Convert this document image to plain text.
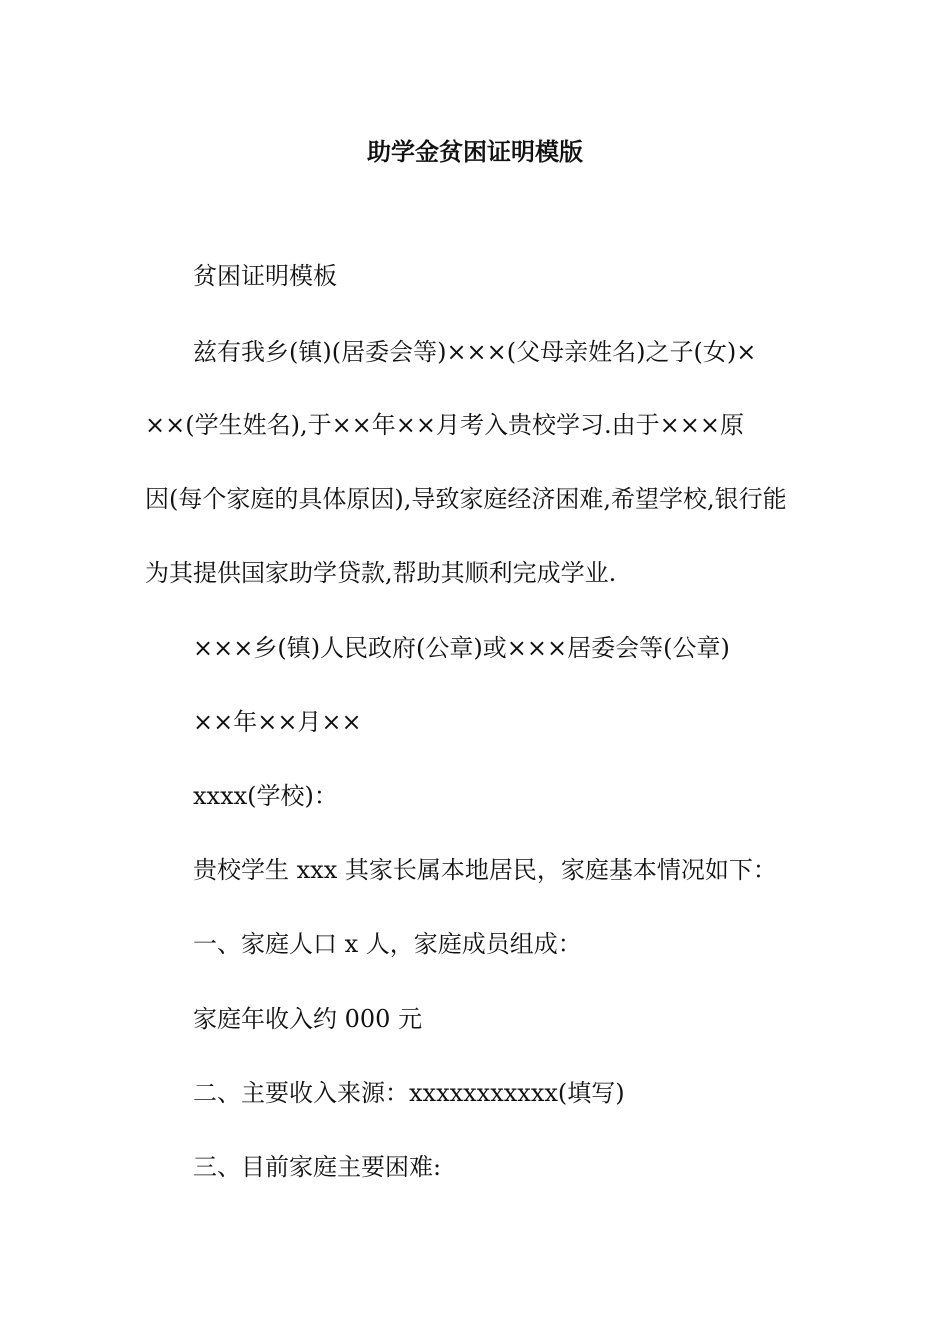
助学金贫困证明模版
贫困证明模板
兹有我乡(镇)(居委会等)×××(父母亲姓名)之子(女)×
××(学生姓名),于××年××月考入贵校学习.由于×××原
因(每个家庭的具体原因),导致家庭经济困难,希望学校,银行能
为其提供国家助学贷款,帮助其顺利完成学业.
×××乡(镇)人民政府(公章)或×××居委会等(公章)
××年××月××
xxxx(学校)：
贵校学生 xxx 其家长属本地居民，家庭基本情况如下：
一、家庭人口 x 人，家庭成员组成：
家庭年收入约 000 元
二、主要收入来源：xxxxxxxxxxx(填写)
三、目前家庭主要困难:
